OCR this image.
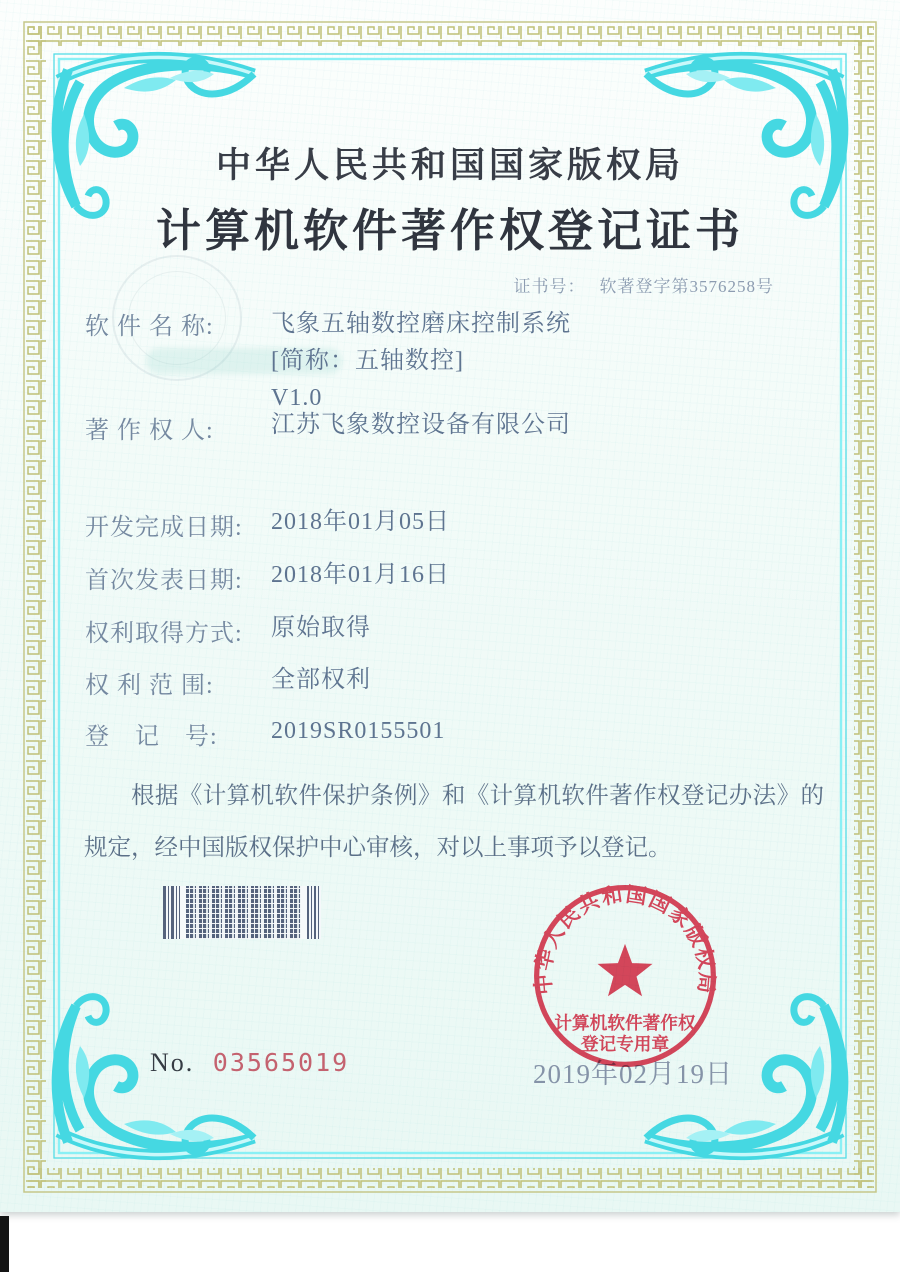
中华人民共和国国家版权局
计算机软件著作权登记证书
证书号： 软著登字第3576258号
软 件 名 称:	飞象五轴数控磨床控制系统
[简称：五轴数控]
V1.0
著 作 权 人:	江苏飞象数控设备有限公司
开发完成日期:	2018年01月05日
首次发表日期:	2018年01月16日
权利取得方式:	原始取得
权 利 范 围:	全部权利
登　记　号:	2019SR0155501
根据《计算机软件保护条例》和《计算机软件著作权登记办法》的规定，经中国版权保护中心审核，对以上事项予以登记。
No. 03565019	2019年02月19日
中华人民共和国国家版权局
计算机软件著作权
登记专用章
